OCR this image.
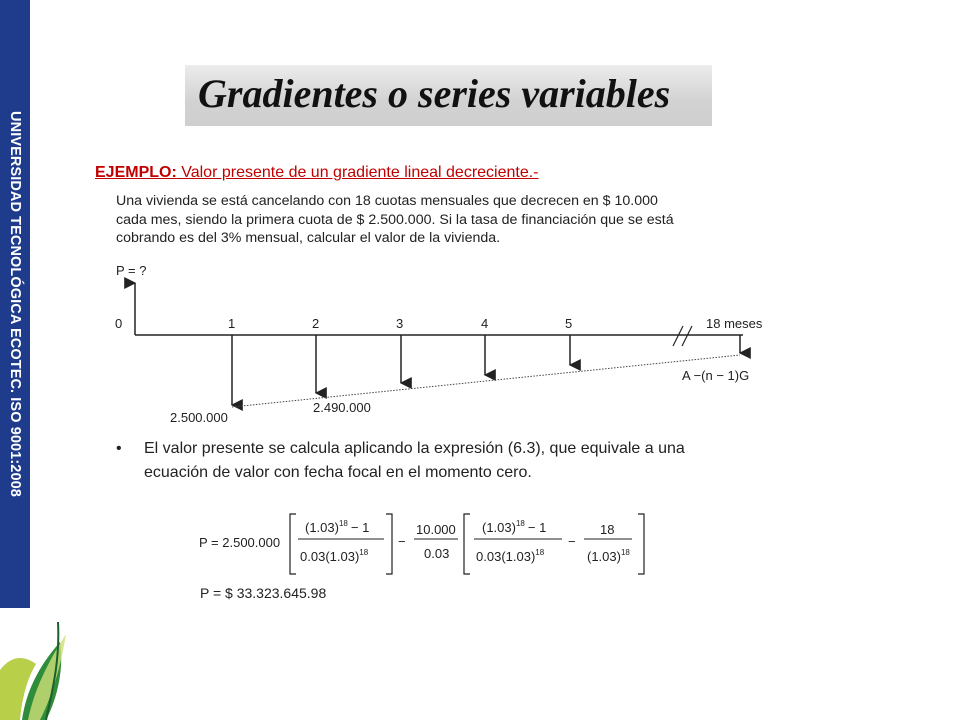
UNIVERSIDAD TECNOLÓGICA ECOTEC. ISO 9001:2008
Gradientes o series variables
EJEMPLO: Valor presente de un gradiente lineal decreciente.-
Una vivienda se está cancelando con 18 cuotas mensuales que decrecen en $ 10.000
cada mes, siendo la primera cuota de $ 2.500.000. Si la tasa de financiación que se está
cobrando es del 3% mensual, calcular el valor de la vivienda.
P = ?
0	1	2	3	4	5	18 meses
2.500.000
2.490.000
A −(n − 1)G
• El valor presente se calcula aplicando la expresión (6.3), que equivale a una
ecuación de valor con fecha focal en el momento cero.
P = 2.500.000
$(1.03)^{18} - 1$
$0.03(1.03)^{18}$
−
10.000
0.03
$(1.03)^{18} - 1$
$0.03(1.03)^{18}$
−
18
$(1.03)^{18}$
P = $ 33.323.645.98
